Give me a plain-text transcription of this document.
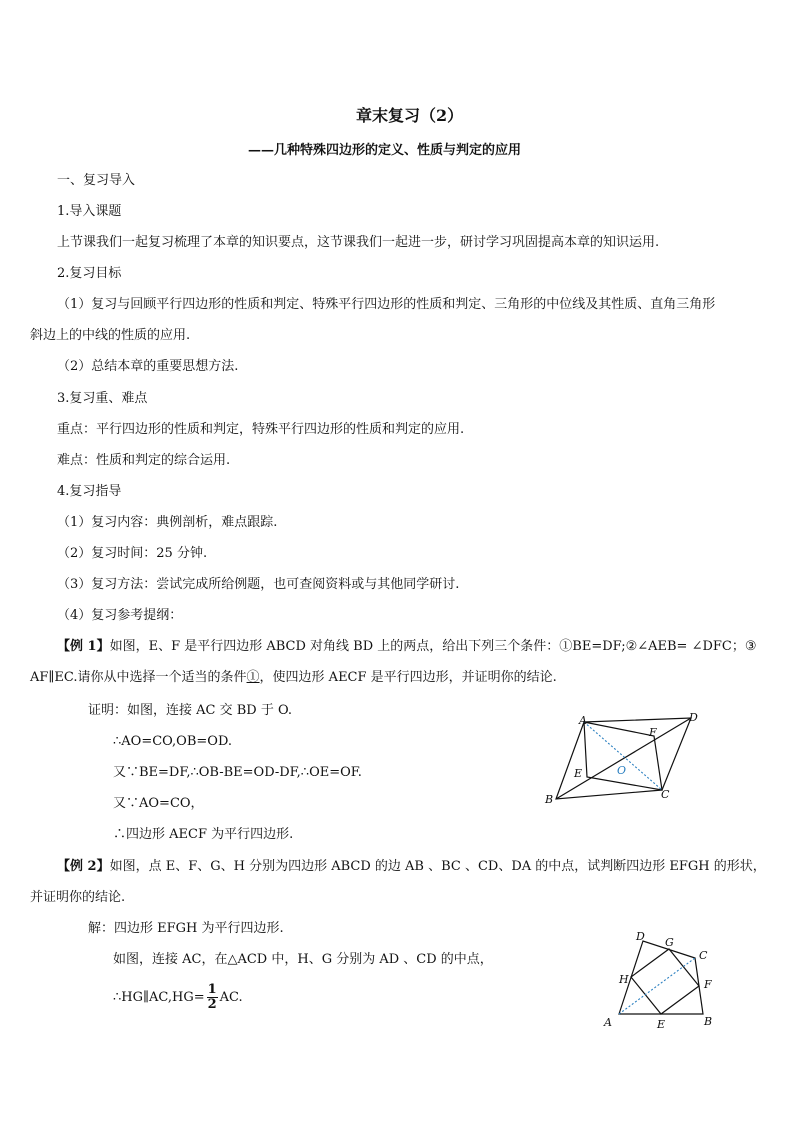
章末复习（2）
——几种特殊四边形的定义、性质与判定的应用
一、复习导入
1.导入课题
上节课我们一起复习梳理了本章的知识要点，这节课我们一起进一步，研讨学习巩固提高本章的知识运用.
2.复习目标
（1）复习与回顾平行四边形的性质和判定、特殊平行四边形的性质和判定、三角形的中位线及其性质、直角三角形
斜边上的中线的性质的应用.
（2）总结本章的重要思想方法.
3.复习重、难点
重点：平行四边形的性质和判定，特殊平行四边形的性质和判定的应用.
难点：性质和判定的综合运用.
4.复习指导
（1）复习内容：典例剖析，难点跟踪.
（2）复习时间：25 分钟.
（3）复习方法：尝试完成所给例题，也可查阅资料或与其他同学研讨.
（4）复习参考提纲：
【例 1】如图，E、F 是平行四边形 ABCD 对角线 BD 上的两点，给出下列三个条件：①BE=DF;②∠AEB= ∠DFC；③
AF∥EC.请你从中选择一个适当的条件①，使四边形 AECF 是平行四边形，并证明你的结论.
证明：如图，连接 AC 交 BD 于 O.
∴AO=CO,OB=OD.
又∵BE=DF,∴OB-BE=OD-DF,∴OE=OF.
又∵AO=CO，
∴四边形 AECF 为平行四边形.
A	D
F
O
E
B	C
【例 2】如图，点 E、F、G、H 分别为四边形 ABCD 的边 AB 、BC 、CD、DA 的中点，试判断四边形 EFGH 的形状，
并证明你的结论.
解：四边形 EFGH 为平行四边形.
如图，连接 AC，在△ACD 中，H、G 分别为 AD 、CD 的中点，
∴HG∥AC,HG= $\frac{1}{2}$ AC.
D G
C
H	F
A	E	B
